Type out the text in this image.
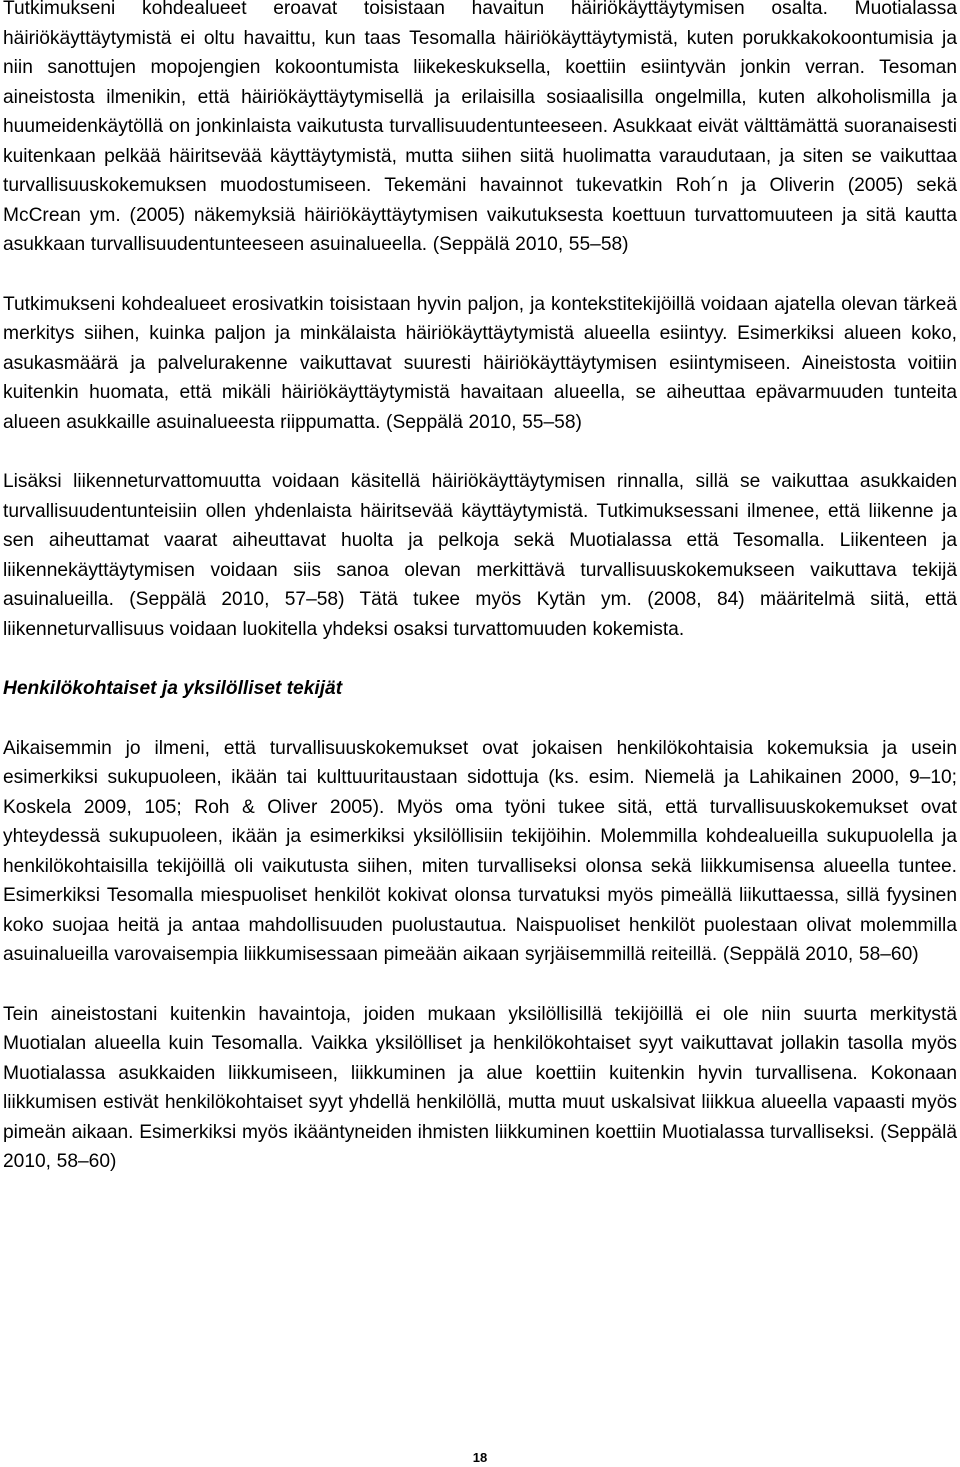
Tutkimukseni kohdealueet eroavat toisistaan havaitun häiriökäyttäytymisen osalta. Muotialassa häiriökäyttäytymistä ei oltu havaittu, kun taas Tesomalla häiriökäyttäytymistä, kuten porukkakokoontumisia ja niin sanottujen mopojengien kokoontumista liikekeskuksella, koettiin esiintyvän jonkin verran. Tesoman aineistosta ilmenikin, että häiriökäyttäytymisellä ja erilaisilla sosiaalisilla ongelmilla, kuten alkoholismilla ja huumeidenkäytöllä on jonkinlaista vaikutusta turvallisuudentunteeseen. Asukkaat eivät välttämättä suoranaisesti kuitenkaan pelkää häiritsevää käyttäytymistä, mutta siihen siitä huolimatta varaudutaan, ja siten se vaikuttaa turvallisuuskokemuksen muodostumiseen. Tekemäni havainnot tukevatkin Roh´n ja Oliverin (2005) sekä McCrean ym. (2005) näkemyksiä häiriökäyttäytymisen vaikutuksesta koettuun turvattomuuteen ja sitä kautta asukkaan turvallisuudentunteeseen asuinalueella. (Seppälä 2010, 55–58)

Tutkimukseni kohdealueet erosivatkin toisistaan hyvin paljon, ja kontekstitekijöillä voidaan ajatella olevan tärkeä merkitys siihen, kuinka paljon ja minkälaista häiriökäyttäytymistä alueella esiintyy. Esimerkiksi alueen koko, asukasmäärä ja palvelurakenne vaikuttavat suuresti häiriökäyttäytymisen esiintymiseen. Aineistosta voitiin kuitenkin huomata, että mikäli häiriökäyttäytymistä havaitaan alueella, se aiheuttaa epävarmuuden tunteita alueen asukkaille asuinalueesta riippumatta. (Seppälä 2010, 55–58)

Lisäksi liikenneturvattomuutta voidaan käsitellä häiriökäyttäytymisen rinnalla, sillä se vaikuttaa asukkaiden turvallisuudentunteisiin ollen yhdenlaista häiritsevää käyttäytymistä. Tutkimuksessani ilmenee, että liikenne ja sen aiheuttamat vaarat aiheuttavat huolta ja pelkoja sekä Muotialassa että Tesomalla. Liikenteen ja liikennekäyttäytymisen voidaan siis sanoa olevan merkittävä turvallisuuskokemukseen vaikuttava tekijä asuinalueilla. (Seppälä 2010, 57–58) Tätä tukee myös Kytän ym. (2008, 84) määritelmä siitä, että liikenneturvallisuus voidaan luokitella yhdeksi osaksi turvattomuuden kokemista.

Henkilökohtaiset ja yksilölliset tekijät

Aikaisemmin jo ilmeni, että turvallisuuskokemukset ovat jokaisen henkilökohtaisia kokemuksia ja usein esimerkiksi sukupuoleen, ikään tai kulttuuritaustaan sidottuja (ks. esim. Niemelä ja Lahikainen 2000, 9–10; Koskela 2009, 105; Roh & Oliver 2005). Myös oma työni tukee sitä, että turvallisuuskokemukset ovat yhteydessä sukupuoleen, ikään ja esimerkiksi yksilöllisiin tekijöihin. Molemmilla kohdealueilla sukupuolella ja henkilökohtaisilla tekijöillä oli vaikutusta siihen, miten turvalliseksi olonsa sekä liikkumisensa alueella tuntee. Esimerkiksi Tesomalla miespuoliset henkilöt kokivat olonsa turvatuksi myös pimeällä liikuttaessa, sillä fyysinen koko suojaa heitä ja antaa mahdollisuuden puolustautua. Naispuoliset henkilöt puolestaan olivat molemmilla asuinalueilla varovaisempia liikkumisessaan pimeään aikaan syrjäisemmillä reiteillä. (Seppälä 2010, 58–60)

Tein aineistostani kuitenkin havaintoja, joiden mukaan yksilöllisillä tekijöillä ei ole niin suurta merkitystä Muotialan alueella kuin Tesomalla. Vaikka yksilölliset ja henkilökohtaiset syyt vaikuttavat jollakin tasolla myös Muotialassa asukkaiden liikkumiseen, liikkuminen ja alue koettiin kuitenkin hyvin turvallisena. Kokonaan liikkumisen estivät henkilökohtaiset syyt yhdellä henkilöllä, mutta muut uskalsivat liikkua alueella vapaasti myös pimeän aikaan. Esimerkiksi myös ikääntyneiden ihmisten liikkuminen koettiin Muotialassa turvalliseksi. (Seppälä 2010, 58–60)

18
